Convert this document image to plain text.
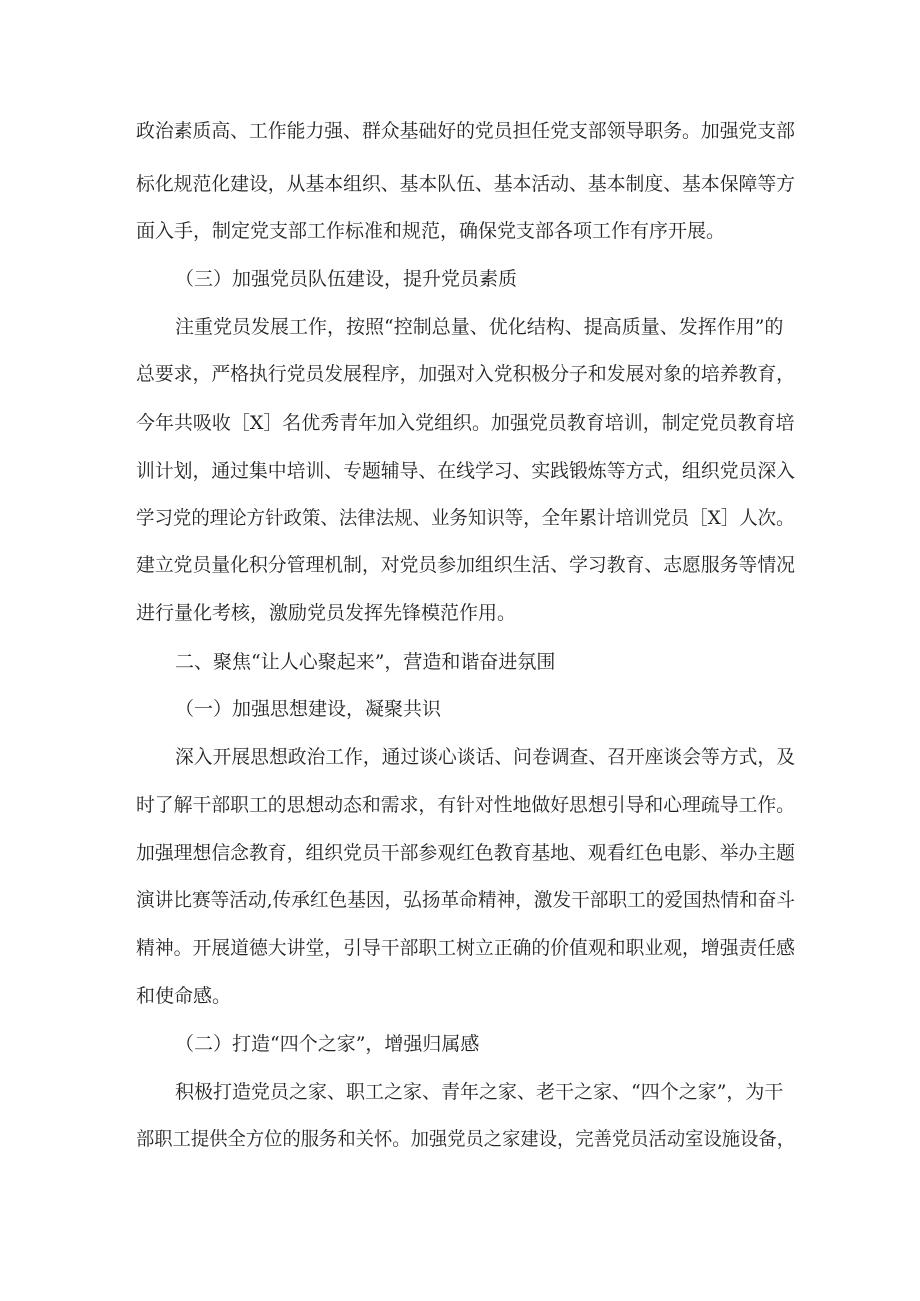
政治素质高、工作能力强、群众基础好的党员担任党支部领导职务。加强党支部
标化规范化建设，从基本组织、基本队伍、基本活动、基本制度、基本保障等方
面入手，制定党支部工作标准和规范，确保党支部各项工作有序开展。
（三）加强党员队伍建设，提升党员素质
注重党员发展工作，按照“控制总量、优化结构、提高质量、发挥作用”的
总要求，严格执行党员发展程序，加强对入党积极分子和发展对象的培养教育，
今年共吸收［X］名优秀青年加入党组织。加强党员教育培训，制定党员教育培
训计划，通过集中培训、专题辅导、在线学习、实践锻炼等方式，组织党员深入
学习党的理论方针政策、法律法规、业务知识等，全年累计培训党员［X］人次。
建立党员量化积分管理机制，对党员参加组织生活、学习教育、志愿服务等情况
进行量化考核，激励党员发挥先锋模范作用。
二、聚焦“让人心聚起来”，营造和谐奋进氛围
（一）加强思想建设，凝聚共识
深入开展思想政治工作，通过谈心谈话、问卷调查、召开座谈会等方式，及
时了解干部职工的思想动态和需求，有针对性地做好思想引导和心理疏导工作。
加强理想信念教育，组织党员干部参观红色教育基地、观看红色电影、举办主题
演讲比赛等活动,传承红色基因，弘扬革命精神，激发干部职工的爱国热情和奋斗
精神。开展道德大讲堂，引导干部职工树立正确的价值观和职业观，增强责任感
和使命感。
（二）打造“四个之家”，增强归属感
积极打造党员之家、职工之家、青年之家、老干之家、“四个之家”，为干
部职工提供全方位的服务和关怀。加强党员之家建设，完善党员活动室设施设备，
